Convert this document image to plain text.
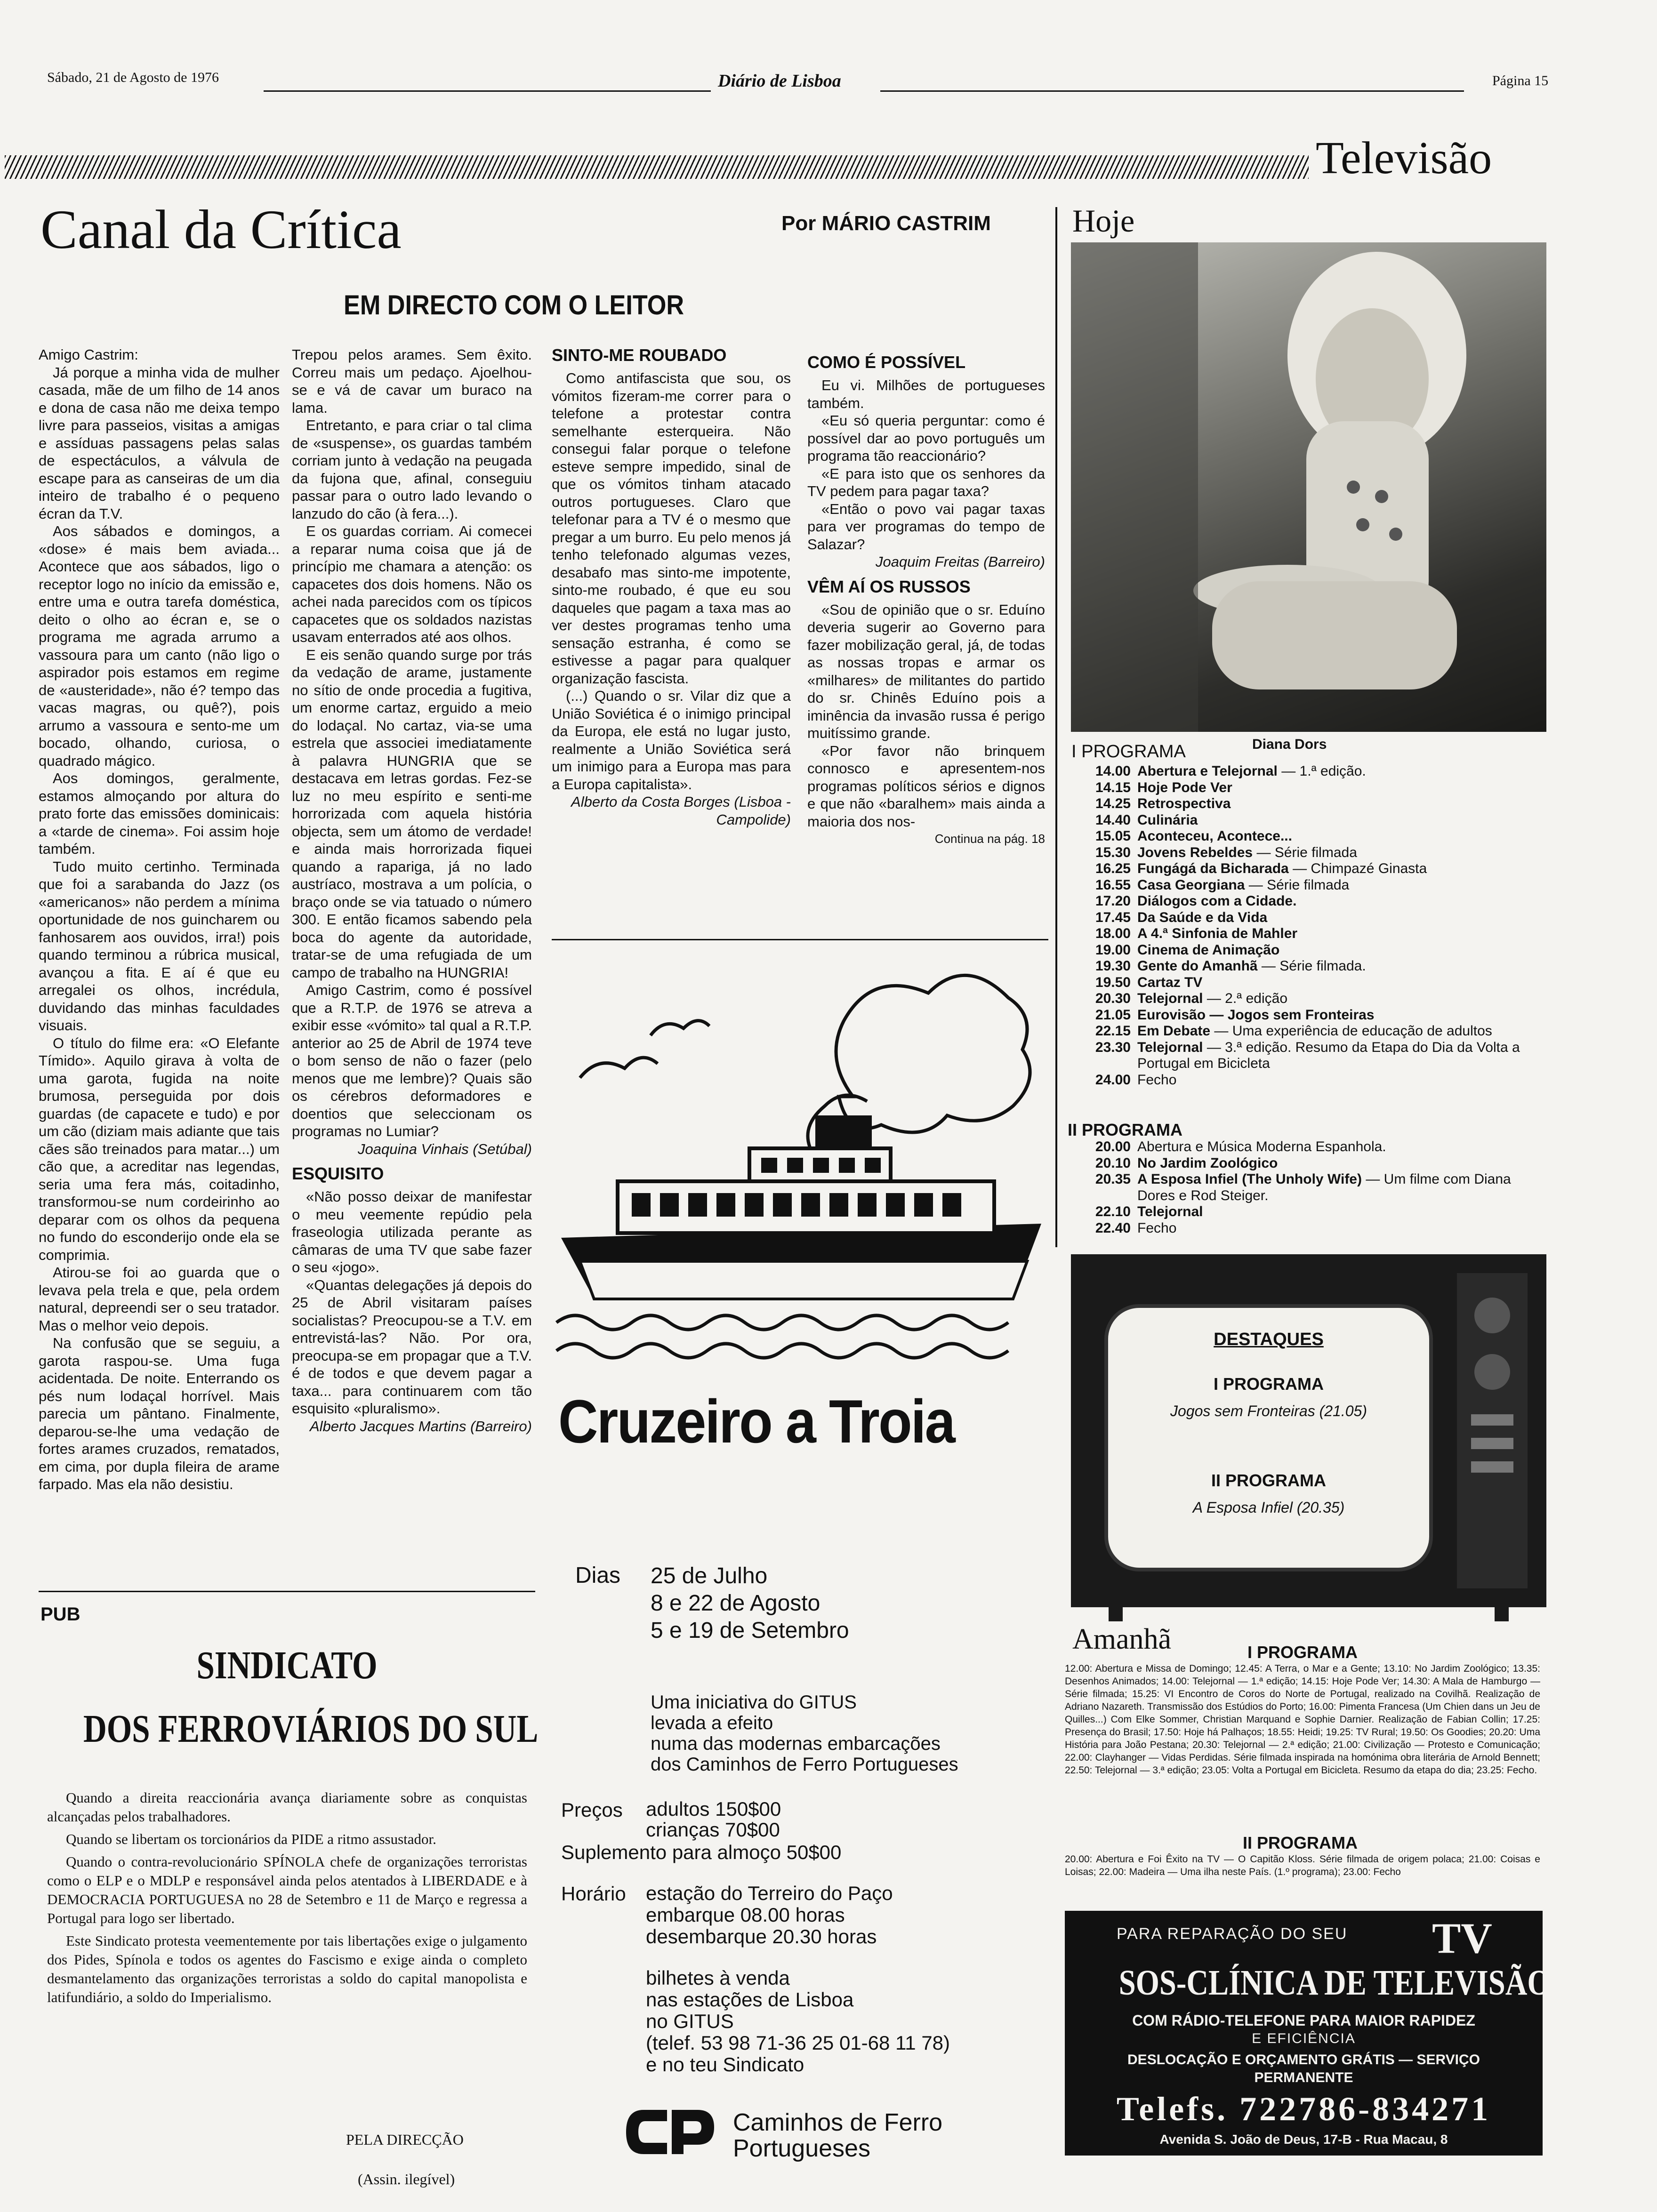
Sábado, 21 de Agosto de 1976	Diário de Lisboa	Página 15
Televisão
Canal da Crítica	Por MÁRIO CASTRIM
EM DIRECTO COM O LEITOR

Amigo Castrim:

Já porque a minha vida de mulher casada, mãe de um filho de 14 anos e dona de casa não me deixa tempo livre para passeios, visitas a amigas e assíduas passagens pelas salas de espectáculos, a válvula de escape para as canseiras de um dia inteiro de trabalho é o pequeno écran da T.V.

Aos sábados e domingos, a «dose» é mais bem aviada... Acontece que aos sábados, ligo o receptor logo no início da emissão e, entre uma e outra tarefa doméstica, deito o olho ao écran e, se o programa me agrada arrumo a vassoura para um canto (não ligo o aspirador pois estamos em regime de «austeridade», não é? tempo das vacas magras, ou quê?), pois arrumo a vassoura e sento-me um bocado, olhando, curiosa, o quadrado mágico.

Aos domingos, geralmente, estamos almoçando por altura do prato forte das emissões dominicais: a «tarde de cinema». Foi assim hoje também.

Tudo muito certinho. Terminada que foi a sarabanda do Jazz (os «americanos» não perdem a mínima oportunidade de nos guincharem ou fanhosarem aos ouvidos, irra!) pois quando terminou a rúbrica musical, avançou a fita. E aí é que eu arregalei os olhos, incrédula, duvidando das minhas faculdades visuais.

O título do filme era: «O Elefante Tímido». Aquilo girava à volta de uma garota, fugida na noite brumosa, perseguida por dois guardas (de capacete e tudo) e por um cão (diziam mais adiante que tais cães são treinados para matar...) um cão que, a acreditar nas legendas, seria uma fera más, coitadinho, transformou-se num cordeirinho ao deparar com os olhos da pequena no fundo do esconderijo onde ela se comprimia.

Atirou-se foi ao guarda que o levava pela trela e que, pela ordem natural, depreendi ser o seu tratador. Mas o melhor veio depois.

Na confusão que se seguiu, a garota raspou-se. Uma fuga acidentada. De noite. Enterrando os pés num lodaçal horrível. Mais parecia um pântano. Finalmente, deparou-se-lhe uma vedação de fortes arames cruzados, rematados, em cima, por dupla fileira de arame farpado. Mas ela não desistiu.

Trepou pelos arames. Sem êxito. Correu mais um pedaço. Ajoelhou-se e vá de cavar um buraco na lama.

Entretanto, e para criar o tal clima de «suspense», os guardas também corriam junto à vedação na peugada da fujona que, afinal, conseguiu passar para o outro lado levando o lanzudo do cão (à fera...).

E os guardas corriam. Ai comecei a reparar numa coisa que já de princípio me chamara a atenção: os capacetes dos dois homens. Não os achei nada parecidos com os típicos capacetes que os soldados nazistas usavam enterrados até aos olhos.

E eis senão quando surge por trás da vedação de arame, justamente no sítio de onde procedia a fugitiva, um enorme cartaz, erguido a meio do lodaçal. No cartaz, via-se uma estrela que associei imediatamente à palavra HUNGRIA que se destacava em letras gordas. Fez-se luz no meu espírito e senti-me horrorizada com aquela história objecta, sem um átomo de verdade! e ainda mais horrorizada fiquei quando a rapariga, já no lado austríaco, mostrava a um polícia, o braço onde se via tatuado o número 300. E então ficamos sabendo pela boca do agente da autoridade, tratar-se de uma refugiada de um campo de trabalho na HUNGRIA!

Amigo Castrim, como é possível que a R.T.P. de 1976 se atreva a exibir esse «vómito» tal qual a R.T.P. anterior ao 25 de Abril de 1974 teve o bom senso de não o fazer (pelo menos que me lembre)? Quais são os cérebros deformadores e doentios que seleccionam os programas no Lumiar?

Joaquina Vinhais (Setúbal)

ESQUISITO

«Não posso deixar de manifestar o meu veemente repúdio pela fraseologia utilizada perante as câmaras de uma TV que sabe fazer o seu «jogo».

«Quantas delegações já depois do 25 de Abril visitaram países socialistas? Preocupou-se a T.V. em entrevistá-las? Não. Por ora, preocupa-se em propagar que a T.V. é de todos e que devem pagar a taxa... para continuarem com tão esquisito «pluralismo».

Alberto Jacques Martins (Barreiro)

SINTO-ME ROUBADO

Como antifascista que sou, os vómitos fizeram-me correr para o telefone a protestar contra semelhante esterqueira. Não consegui falar porque o telefone esteve sempre impedido, sinal de que os vómitos tinham atacado outros portugueses. Claro que telefonar para a TV é o mesmo que pregar a um burro. Eu pelo menos já tenho telefonado algumas vezes, desabafo mas sinto-me impotente, sinto-me roubado, é que eu sou daqueles que pagam a taxa mas ao ver destes programas tenho uma sensação estranha, é como se estivesse a pagar para qualquer organização fascista.

(...) Quando o sr. Vilar diz que a União Soviética é o inimigo principal da Europa, ele está no lugar justo, realmente a União Soviética será um inimigo para a Europa mas para a Europa capitalista».

Alberto da Costa Borges (Lisboa - Campolide)

COMO É POSSÍVEL

Eu vi. Milhões de portugueses também.

«Eu só queria perguntar: como é possível dar ao povo português um programa tão reaccionário?

«E para isto que os senhores da TV pedem para pagar taxa?

«Então o povo vai pagar taxas para ver programas do tempo de Salazar?

Joaquim Freitas (Barreiro)

VÊM AÍ OS RUSSOS

«Sou de opinião que o sr. Eduíno deveria sugerir ao Governo para fazer mobilização geral, já, de todas as nossas tropas e armar os «milhares» de militantes do partido do sr. Chinês Eduíno pois a iminência da invasão russa é perigo muitíssimo grande.

«Por favor não brinquem connosco e apresentem-nos programas políticos sérios e dignos e que não «baralhem» mais ainda a maioria dos nos-

Continua na pág. 18

Hoje
Diana Dors
I PROGRAMA
14.00 Abertura e Telejornal — 1.ª edição.
14.15 Hoje Pode Ver
14.25 Retrospectiva
14.40 Culinária
15.05 Aconteceu, Acontece...
15.30 Jovens Rebeldes — Série filmada
16.25 Fungágá da Bicharada — Chimpazé Ginasta
16.55 Casa Georgiana — Série filmada
17.20 Diálogos com a Cidade.
17.45 Da Saúde e da Vida
18.00 A 4.ª Sinfonia de Mahler
19.00 Cinema de Animação
19.30 Gente do Amanhã — Série filmada.
19.50 Cartaz TV
20.30 Telejornal — 2.ª edição
21.05 Eurovisão — Jogos sem Fronteiras
22.15 Em Debate — Uma experiência de educação de adultos
23.30 Telejornal — 3.ª edição. Resumo da Etapa do Dia da Volta a Portugal em Bicicleta
24.00 Fecho
II PROGRAMA
20.00 Abertura e Música Moderna Espanhola.
20.10 No Jardim Zoológico
20.35 A Esposa Infiel (The Unholy Wife) — Um filme com Diana Dores e Rod Steiger.
22.10 Telejornal
22.40 Fecho
DESTAQUES
I PROGRAMA
Jogos sem Fronteiras (21.05)
II PROGRAMA
A Esposa Infiel (20.35)
Amanhã	I PROGRAMA
12.00: Abertura e Missa de Domingo; 12.45: A Terra, o Mar e a Gente; 13.10: No Jardim Zoológico; 13.35: Desenhos Animados; 14.00: Telejornal — 1.ª edição; 14.15: Hoje Pode Ver; 14.30: A Mala de Hamburgo — Série filmada; 15.25: VI Encontro de Coros do Norte de Portugal, realizado na Covilhã. Realização de Adriano Nazareth. Transmissão dos Estúdios do Porto; 16.00: Pimenta Francesa (Um Chien dans un Jeu de Quilles...) Com Elke Sommer, Christian Marquand e Sophie Darnier. Realização de Fabian Collin; 17.25: Presença do Brasil; 17.50: Hoje há Palhaços; 18.55: Heidi; 19.25: TV Rural; 19.50: Os Goodies; 20.20: Uma História para João Pestana; 20.30: Telejornal — 2.ª edição; 21.00: Civilização — Protesto e Comunicação; 22.00: Clayhanger — Vidas Perdidas. Série filmada inspirada na homónima obra literária de Arnold Bennett; 22.50: Telejornal — 3.ª edição; 23.05: Volta a Portugal em Bicicleta. Resumo da etapa do dia; 23.25: Fecho.
II PROGRAMA
20.00: Abertura e Foi Êxito na TV — O Capitão Kloss. Série filmada de origem polaca; 21.00: Coisas e Loisas; 22.00: Madeira — Uma ilha neste País. (1.º programa); 23.00: Fecho
PARA REPARAÇÃO DO SEU TV
SOS-CLÍNICA DE TELEVISÃO
COM RÁDIO-TELEFONE PARA MAIOR RAPIDEZ
E EFICIÊNCIA
DESLOCAÇÃO E ORÇAMENTO GRÁTIS — SERVIÇO
PERMANENTE
Telefs. 722786-834271
Avenida S. João de Deus, 17-B - Rua Macau, 8
Cruzeiro a Troia
Dias 25 de Julho
8 e 22 de Agosto
5 e 19 de Setembro
Uma iniciativa do GITUS
levada a efeito
numa das modernas embarcações
dos Caminhos de Ferro Portugueses
Preços adultos 150$00
crianças 70$00
Suplemento para almoço 50$00
Horário estação do Terreiro do Paço
embarque 08.00 horas
desembarque 20.30 horas
bilhetes à venda
nas estações de Lisboa
no GITUS
(telef. 53 98 71-36 25 01-68 11 78)
e no teu Sindicato
Caminhos de Ferro
Portugueses
PUB
SINDICATO
DOS FERROVIÁRIOS DO SUL

Quando a direita reaccionária avança diariamente sobre as conquistas alcançadas pelos trabalhadores.

Quando se libertam os torcionários da PIDE a ritmo assustador.

Quando o contra-revolucionário SPÍNOLA chefe de organizações terroristas como o ELP e o MDLP e responsável ainda pelos atentados à LIBERDADE e à DEMOCRACIA PORTUGUESA no 28 de Setembro e 11 de Março e regressa a Portugal para logo ser libertado.

Este Sindicato protesta veementemente por tais libertações exige o julgamento dos Pides, Spínola e todos os agentes do Fascismo e exige ainda o completo desmantelamento das organizações terroristas a soldo do capital manopolista e latifundiário, a soldo do Imperialismo.

PELA DIRECÇÃO
(Assin. ilegível)
